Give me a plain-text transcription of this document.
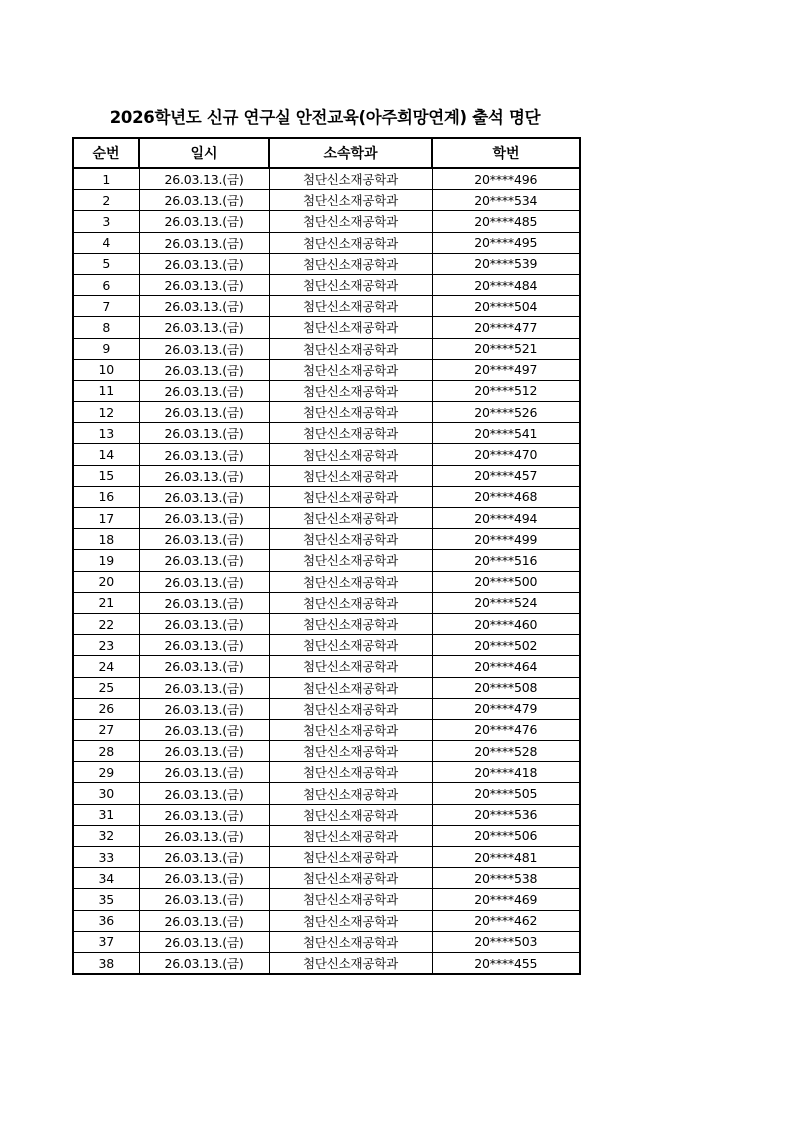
2026학년도 신규 연구실 안전교육(아주희망연계) 출석 명단
순번	일시	소속학과	학번
1	26.03.13.(금)	첨단신소재공학과	20****496
2	26.03.13.(금)	첨단신소재공학과	20****534
3	26.03.13.(금)	첨단신소재공학과	20****485
4	26.03.13.(금)	첨단신소재공학과	20****495
5	26.03.13.(금)	첨단신소재공학과	20****539
6	26.03.13.(금)	첨단신소재공학과	20****484
7	26.03.13.(금)	첨단신소재공학과	20****504
8	26.03.13.(금)	첨단신소재공학과	20****477
9	26.03.13.(금)	첨단신소재공학과	20****521
10	26.03.13.(금)	첨단신소재공학과	20****497
11	26.03.13.(금)	첨단신소재공학과	20****512
12	26.03.13.(금)	첨단신소재공학과	20****526
13	26.03.13.(금)	첨단신소재공학과	20****541
14	26.03.13.(금)	첨단신소재공학과	20****470
15	26.03.13.(금)	첨단신소재공학과	20****457
16	26.03.13.(금)	첨단신소재공학과	20****468
17	26.03.13.(금)	첨단신소재공학과	20****494
18	26.03.13.(금)	첨단신소재공학과	20****499
19	26.03.13.(금)	첨단신소재공학과	20****516
20	26.03.13.(금)	첨단신소재공학과	20****500
21	26.03.13.(금)	첨단신소재공학과	20****524
22	26.03.13.(금)	첨단신소재공학과	20****460
23	26.03.13.(금)	첨단신소재공학과	20****502
24	26.03.13.(금)	첨단신소재공학과	20****464
25	26.03.13.(금)	첨단신소재공학과	20****508
26	26.03.13.(금)	첨단신소재공학과	20****479
27	26.03.13.(금)	첨단신소재공학과	20****476
28	26.03.13.(금)	첨단신소재공학과	20****528
29	26.03.13.(금)	첨단신소재공학과	20****418
30	26.03.13.(금)	첨단신소재공학과	20****505
31	26.03.13.(금)	첨단신소재공학과	20****536
32	26.03.13.(금)	첨단신소재공학과	20****506
33	26.03.13.(금)	첨단신소재공학과	20****481
34	26.03.13.(금)	첨단신소재공학과	20****538
35	26.03.13.(금)	첨단신소재공학과	20****469
36	26.03.13.(금)	첨단신소재공학과	20****462
37	26.03.13.(금)	첨단신소재공학과	20****503
38	26.03.13.(금)	첨단신소재공학과	20****455
